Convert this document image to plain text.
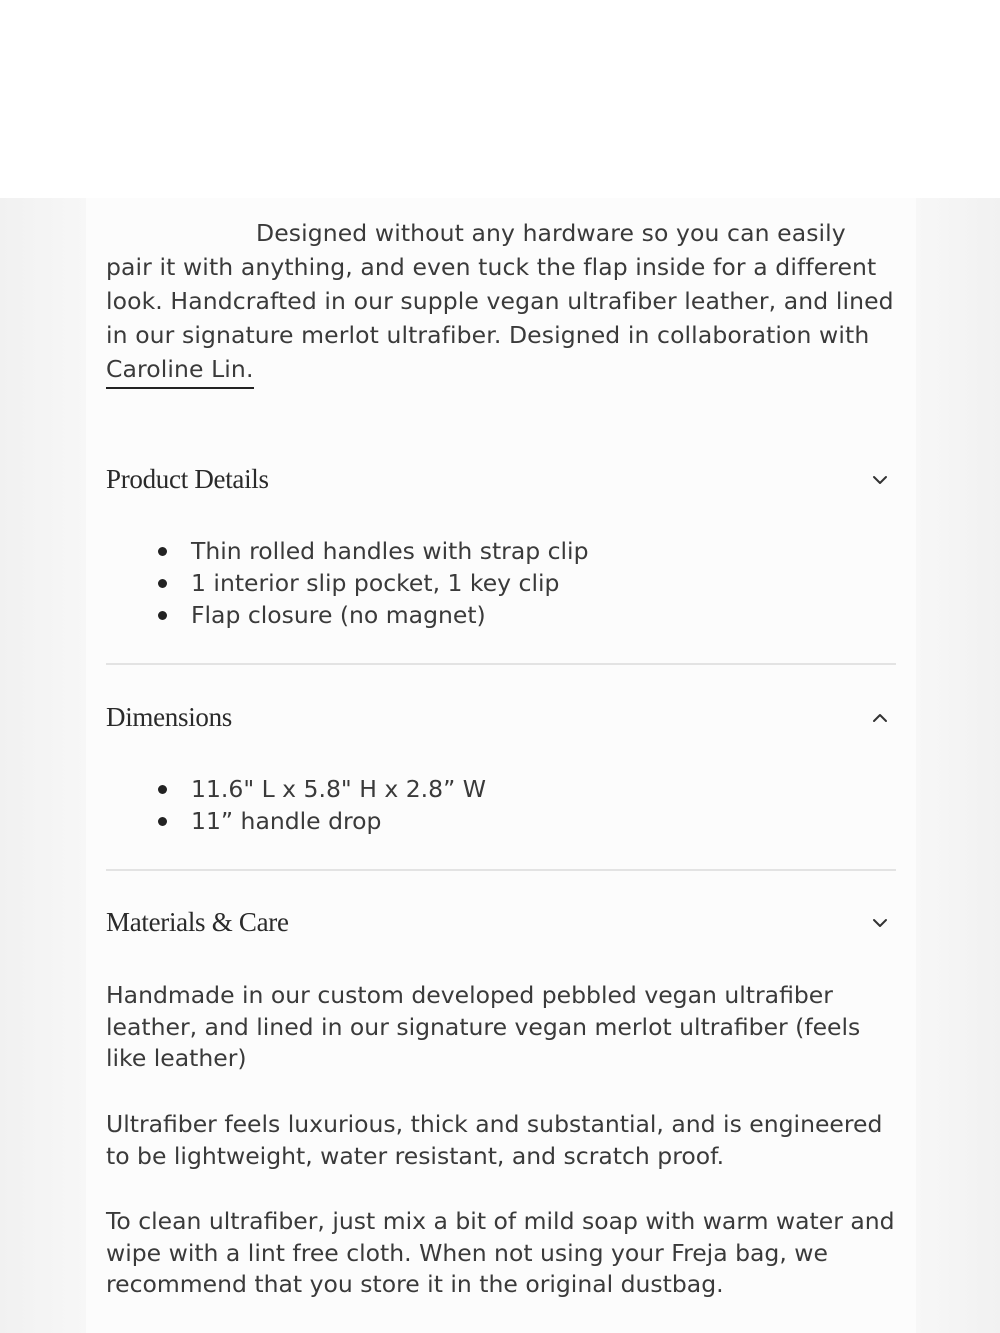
Designed without any hardware so you can easily pair it with anything, and even tuck the flap inside for a different look. Handcrafted in our supple vegan ultrafiber leather, and lined in our signature merlot ultrafiber. Designed in collaboration with Caroline Lin.
Product Details
Thin rolled handles with strap clip
1 interior slip pocket, 1 key clip
Flap closure (no magnet)
Dimensions
11.6" L x 5.8" H x 2.8” W
11” handle drop
Materials & Care

Handmade in our custom developed pebbled vegan ultrafiber leather, and lined in our signature vegan merlot ultrafiber (feels like leather)

Ultrafiber feels luxurious, thick and substantial, and is engineered to be lightweight, water resistant, and scratch proof.

To clean ultrafiber, just mix a bit of mild soap with warm water and wipe with a lint free cloth. When not using your Freja bag, we recommend that you store it in the original dustbag.
